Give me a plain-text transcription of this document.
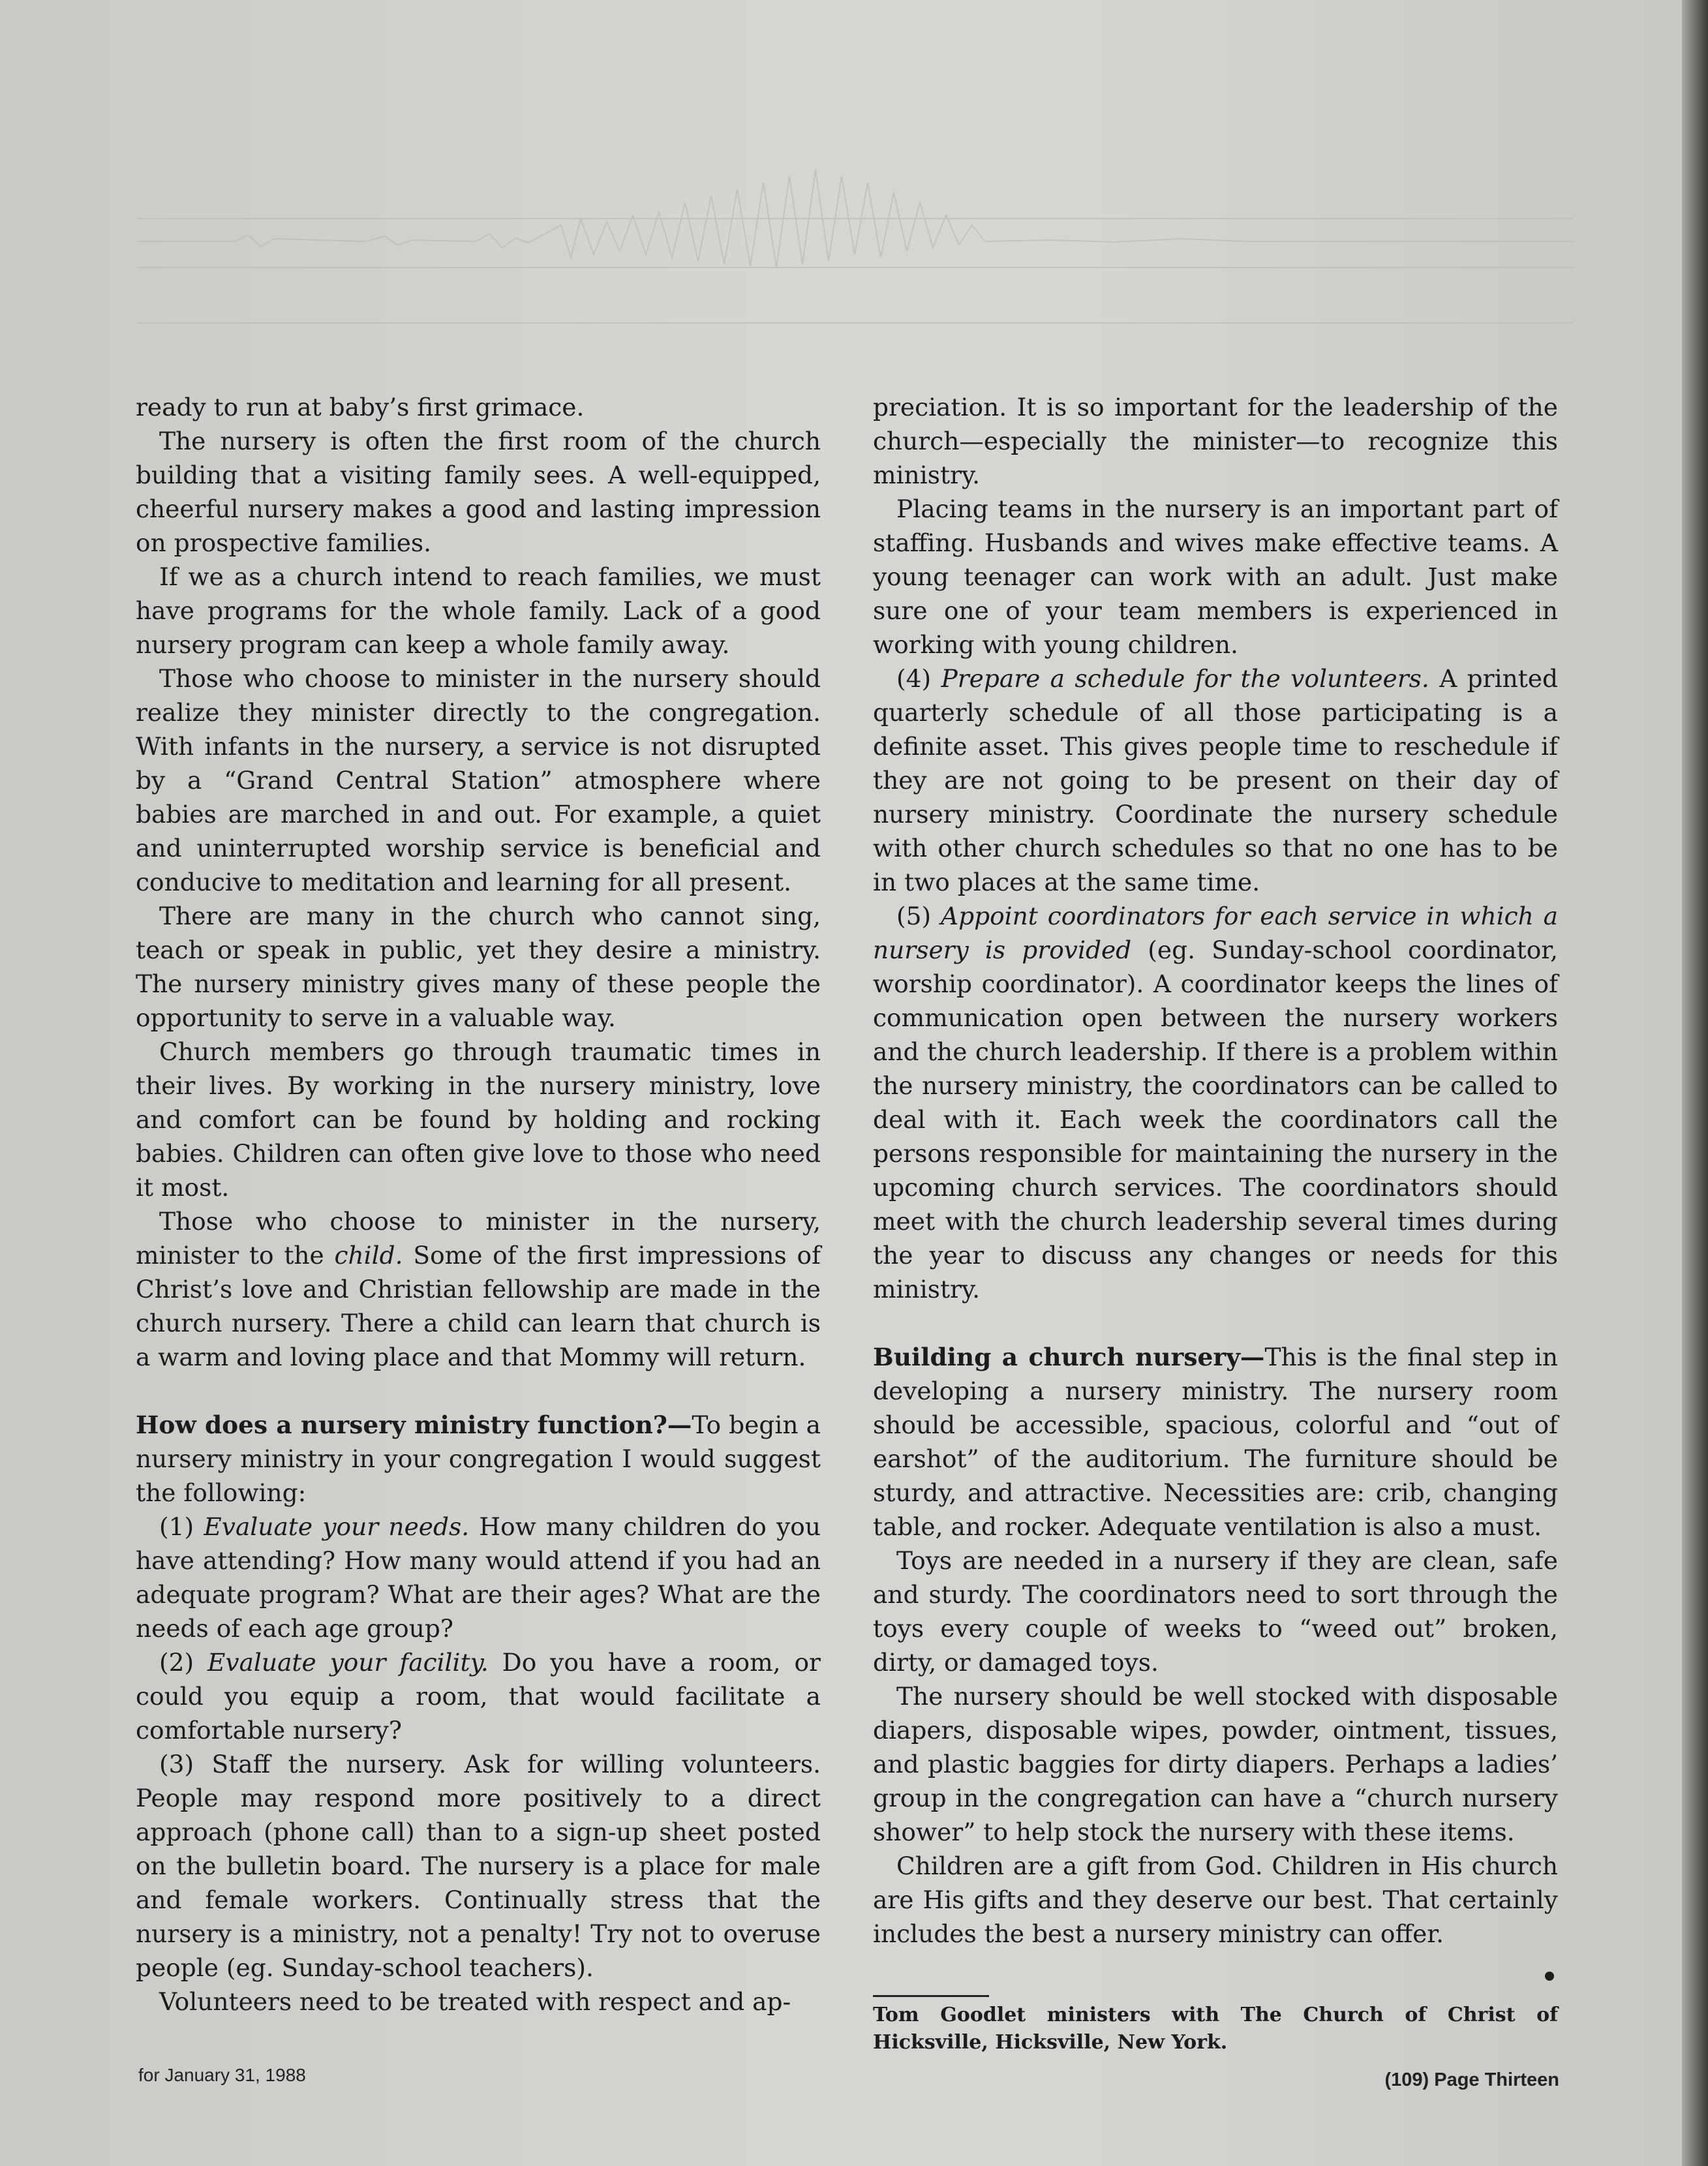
ready to run at baby’s first grimace.

The nursery is often the first room of the church building that a visiting family sees. A well-equipped, cheerful nursery makes a good and lasting impression on prospective families.

If we as a church intend to reach families, we must have programs for the whole family. Lack of a good nursery program can keep a whole family away.

Those who choose to minister in the nursery should realize they minister directly to the congregation. With infants in the nursery, a service is not disrupted by a “Grand Central Station” atmosphere where babies are marched in and out. For example, a quiet and uninterrupted worship service is beneficial and conducive to meditation and learning for all present.

There are many in the church who cannot sing, teach or speak in public, yet they desire a ministry. The nursery ministry gives many of these people the opportunity to serve in a valuable way.

Church members go through traumatic times in their lives. By working in the nursery ministry, love and comfort can be found by holding and rocking babies. Children can often give love to those who need it most.

Those who choose to minister in the nursery, minister to the child. Some of the first impressions of Christ’s love and Christian fellowship are made in the church nursery. There a child can learn that church is a warm and loving place and that Mommy will return.

How does a nursery ministry function?—To begin a nursery ministry in your congregation I would suggest the following:

(1) Evaluate your needs. How many children do you have attending? How many would attend if you had an adequate program? What are their ages? What are the needs of each age group?

(2) Evaluate your facility. Do you have a room, or could you equip a room, that would facilitate a comfortable nursery?

(3) Staff the nursery. Ask for willing volunteers. People may respond more positively to a direct approach (phone call) than to a sign-up sheet posted on the bulletin board. The nursery is a place for male and female workers. Continually stress that the nursery is a ministry, not a penalty! Try not to overuse people (eg. Sunday-school teachers).

Volunteers need to be treated with respect and ap-

preciation. It is so important for the leadership of the church—especially the minister—to recognize this ministry.

Placing teams in the nursery is an important part of staffing. Husbands and wives make effective teams. A young teenager can work with an adult. Just make sure one of your team members is experienced in working with young children.

(4) Prepare a schedule for the volunteers. A printed quarterly schedule of all those participating is a definite asset. This gives people time to reschedule if they are not going to be present on their day of nursery ministry. Coordinate the nursery schedule with other church schedules so that no one has to be in two places at the same time.

(5) Appoint coordinators for each service in which a nursery is provided (eg. Sunday-school coordinator, worship coordinator). A coordinator keeps the lines of communication open between the nursery workers and the church leadership. If there is a problem within the nursery ministry, the coordinators can be called to deal with it. Each week the coordinators call the persons responsible for maintaining the nursery in the upcoming church services. The coordinators should meet with the church leadership several times during the year to discuss any changes or needs for this ministry.

Building a church nursery—This is the final step in developing a nursery ministry. The nursery room should be accessible, spacious, colorful and “out of earshot” of the auditorium. The furniture should be sturdy, and attractive. Necessities are: crib, changing table, and rocker. Adequate ventilation is also a must.

Toys are needed in a nursery if they are clean, safe and sturdy. The coordinators need to sort through the toys every couple of weeks to “weed out” broken, dirty, or damaged toys.

The nursery should be well stocked with disposable diapers, disposable wipes, powder, ointment, tissues, and plastic baggies for dirty diapers. Perhaps a ladies’ group in the congregation can have a “church nursery shower” to help stock the nursery with these items.

Children are a gift from God. Children in His church are His gifts and they deserve our best. That certainly includes the best a nursery ministry can offer.

Tom Goodlet ministers with The Church of Christ of Hicksville, Hicksville, New York.
for January 31, 1988	(109) Page Thirteen
